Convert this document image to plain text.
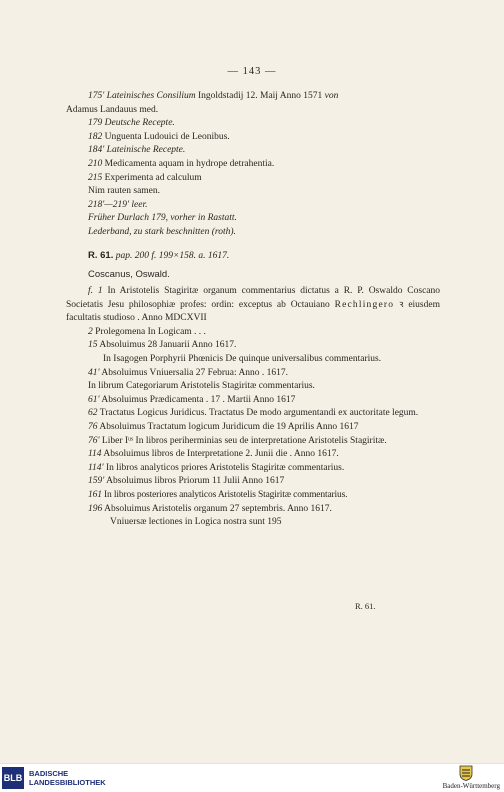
— 143 —
175' Lateinisches Consilium Ingoldstadij 12. Maij Anno 1571 von
Adamus Landauus med.
179 Deutsche Recepte.
182 Unguenta Ludouici de Leonibus.
184' Lateinische Recepte.
210 Medicamenta aquam in hydrope detrahentia.
215 Experimenta ad calculum
Nim rauten samen.
218'—219' leer.
Früher Durlach 179, vorher in Rastatt.
Lederband, zu stark beschnitten (roth).
R. 61. pap. 200 f. 199×158. a. 1617.
Coscanus, Oswald.
f. 1 In Aristotelis Stagiritæ organum commentarius dictatus a R. P. Oswaldo Coscano Societatis Jesu philosophiæ profes: ordin: exceptus ab Octauiano Rechlingero ꝛ eiusdem facultatis studioso . Anno MDCXVII
2 Prolegomena In Logicam . . .
15 Absoluimus 28 Januarii Anno 1617.
In Isagogen Porphyrii Phœnicis De quinque universalibus commentarius.
41' Absoluimus Vniuersalia 27 Februa: Anno . 1617.
In librum Categoriarum Aristotelis Stagiritæ commentarius.
61' Absoluimus Prædicamenta . 17 . Martii Anno 1617
62 Tractatus Logicus Juridicus. Tractatus De modo argumentandi ex auctoritate legum.
76 Absoluimus Tractatum logicum Juridicum die 19 Aprilis Anno 1617
76' Liber Iᵘˢ In libros periherminias seu de interpretatione Aristotelis Stagiritæ.
114 Absoluimus libros de Interpretatione 2. Junii die . Anno 1617.
114' In libros analyticos priores Aristotelis Stagiritæ commentarius.
159' Absoluimus libros Priorum 11 Julii Anno 1617
161 In libros posteriores analyticos Aristotelis Stagiritæ commentarius.
196 Absoluimus Aristotelis organum 27 septembris. Anno 1617.
Vniuersæ lectiones in Logica nostra sunt 195
R. 61.
BLB BADISCHE
LANDESBIBLIOTHEK	Baden-Württemberg
